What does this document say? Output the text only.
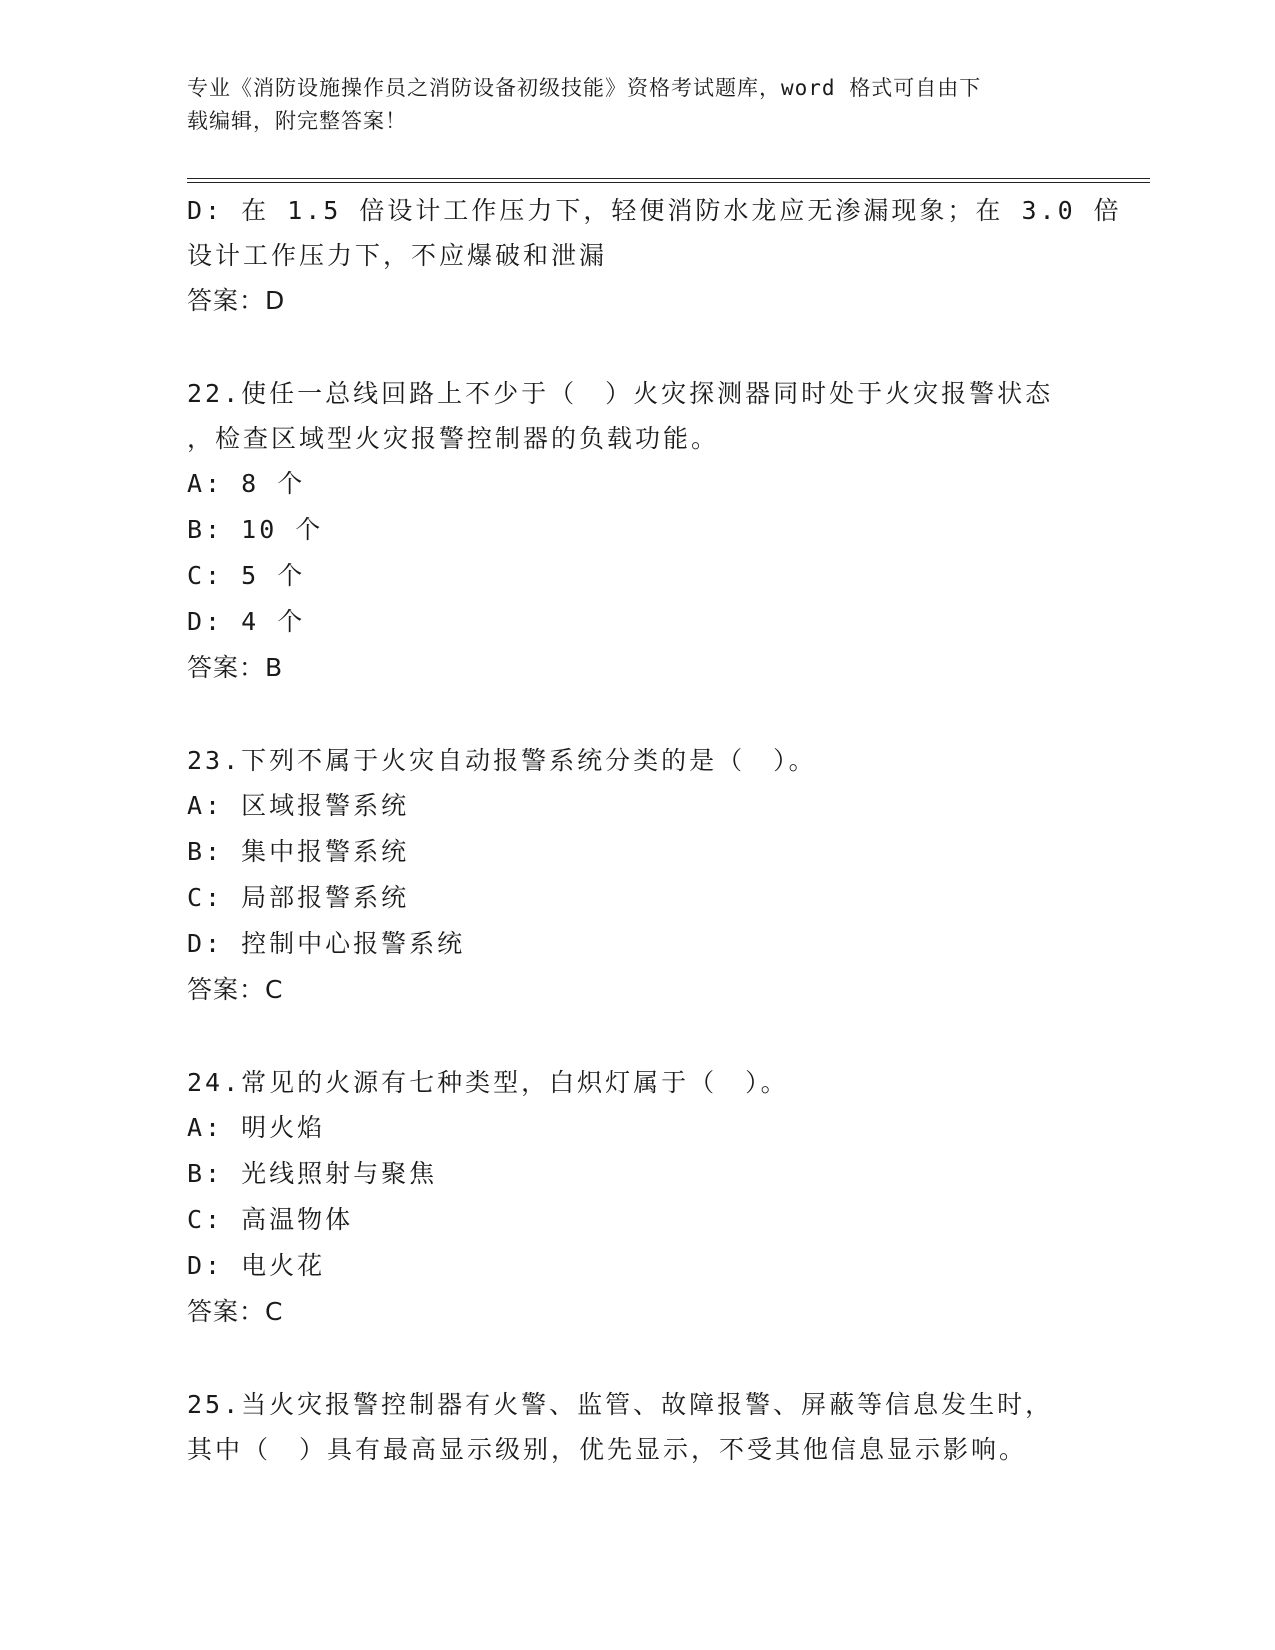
专业《消防设施操作员之消防设备初级技能》资格考试题库，word 格式可自由下
载编辑，附完整答案！
D: 在 1.5 倍设计工作压力下，轻便消防水龙应无渗漏现象；在 3.0 倍
设计工作压力下，不应爆破和泄漏
答案：D
22.使任一总线回路上不少于（　）火灾探测器同时处于火灾报警状态
，检查区域型火灾报警控制器的负载功能。
A: 8 个
B: 10 个
C: 5 个
D: 4 个
答案：B
23.下列不属于火灾自动报警系统分类的是（　）。
A: 区域报警系统
B: 集中报警系统
C: 局部报警系统
D: 控制中心报警系统
答案：C
24.常见的火源有七种类型，白炽灯属于（　）。
A: 明火焰
B: 光线照射与聚焦
C: 高温物体
D: 电火花
答案：C
25.当火灾报警控制器有火警、监管、故障报警、屏蔽等信息发生时，
其中（　）具有最高显示级别，优先显示，不受其他信息显示影响。
